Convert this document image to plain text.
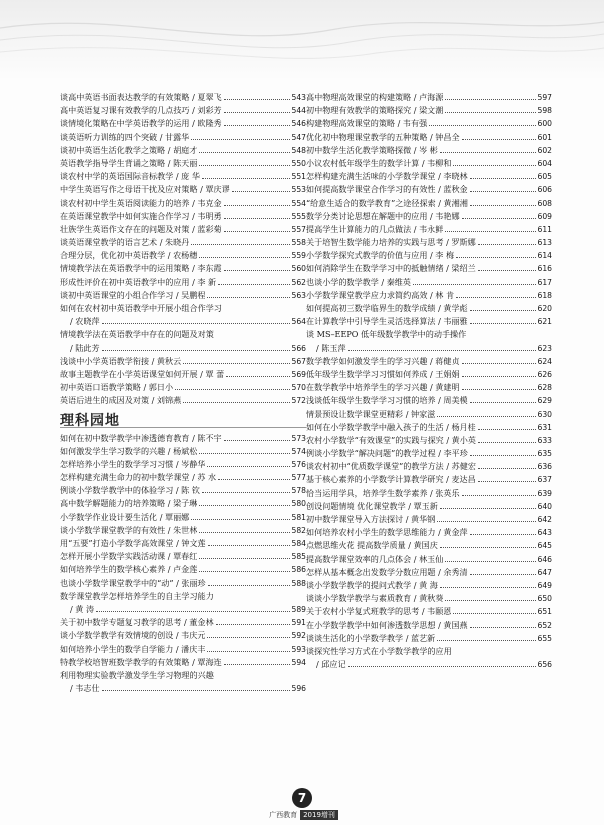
谈高中英语书面表达教学的有效策略 / 夏翠飞	543
高中英语复习课有效教学的几点技巧 / 刘彩芳	544
谈情境化策略在中学英语教学的运用 / 欧隆秀	546
谈英语听力训练的四个突破 / 甘露华	547
谈初中英语生活化教学之策略 / 胡庭才	548
英语教学指导学生背诵之策略 / 陈天丽	550
谈农村中学的英语国际音标教学 / 庞 华	551
中学生英语写作之母语干扰及应对策略 / 覃庆谬	553
谈农村初中学生英语阅读能力的培养 / 韦克金	554
在英语课堂教学中如何实施合作学习 / 韦明勇	555
壮族学生英语作文存在的问题及对策 / 蓝彩菊	557
谈英语课堂教学的语言艺术 / 朱晓丹	558
合理分层，优化初中英语教学 / 农杨穗	559
情境教学法在英语教学中的运用策略 / 李东霞	560
形成性评价在初中英语教学中的应用 / 李 新	562
谈初中英语课堂的小组合作学习 / 吴鹏程	563
如何在农村初中英语教学中开展小组合作学习
/ 农晓萍	564
情境教学法在英语教学中存在的问题及对策
/ 陆此芳	566
浅谈中小学英语教学衔接 / 黄秋云	567
故事主题教学在小学英语课堂如何开展 / 覃 蕾	569
初中英语口语教学策略 / 郭日小	570
英语后进生的成因及对策 / 刘锦燕	572
理科园地
如何在初中数学教学中渗透德育教育 / 陈不宇	573
如何激发学生学习数学的兴趣 / 杨斌松	574
怎样培养小学生的数学学习习惯 / 岑静华	576
怎样构建充满生命力的初中数学课堂 / 苏 水	577
例谈小学数学教学中的体验学习 / 陈 钦	578
高中数学解题能力的培养策略 / 梁子琳	580
小学数学作业设计要生活化 / 覃丽娜	581
谈小学数学课堂教学的有效性 / 朱世林	582
用“五要”打造小学数学高效课堂 / 钟文莲	584
怎样开展小学数学实践活动课 / 覃春红	585
如何培养学生的数学核心素养 / 卢金莲	586
也谈小学数学课堂教学中的“动” / 张丽珍	588
数学课堂教学怎样培养学生的自主学习能力
/ 黄 涛	589
关于初中数学专题复习教学的思考 / 董金林	591
谈小学数学教学有效情境的创设 / 韦庆元	592
如何培养小学生的数学自学能力 / 潘庆丰	593
特教学校培智班数学教学的有效策略 / 覃海连	594
利用物理实验教学激发学生学习物理的兴趣
/ 韦志仕	596
高中物理高效课堂的构建策略 / 卢海源	597
初中物理有效教学的策略探究 / 梁文潮	598
构建物理高效课堂的策略 / 韦有强	600
优化初中物理课堂教学的五种策略 / 钟昌全	601
初中数学生活化教学策略探微 / 岑 彬	602
小议农村低年级学生的数学计算 / 韦柳和	604
怎样构建充满生活味的小学数学课堂 / 李晓林	605
如何提高数学课堂合作学习的有效性 / 蓝秋金	606
“给意生适合的数学教育”之途径探索 / 黄湘湘	608
数学分类讨论思想在解题中的应用 / 韦艳娜	609
提高学生计算能力的几点做法 / 韦永鲜	611
关于培智生数学能力培养的实践与思考 / 罗斯娜	613
小学数学探究式教学的价值与应用 / 李 梅	614
如何消除学生在数学学习中的抵触情绪 / 梁绍兰	616
也谈小学的数学教学 / 秦维英	617
小学数学课堂教学应力求简约高效 / 林 肯	618
如何提高初三数学临界生的数学成绩 / 黄学彪	620
在计算教学中引导学生灵活选择算法 / 韦丽雅	621
谈 MS–EEPO 低年级数学教学中的动手操作
/ 陈玉萍	623
数学教学如何激发学生的学习兴趣 / 蒋健贞	624
低年级学生数学学习习惯如何养成 / 王娟娟	626
在数学教学中培养学生的学习兴趣 / 黄建明	628
浅谈低年级学生数学学习习惯的培养 / 周美模	629
情景预设让数学课堂更精彩 / 钟家滋	630
如何在小学数学教学中融入孩子的生活 / 杨月桂	631
农村小学数学“有效课堂”的实践与探究 / 黄小英	633
例谈小学数学“解决问题”的教学过程 / 李平珍	635
谈农村初中“优质数学课堂”的教学方法 / 苏健宏	636
基于核心素养的小学数学计算教学研究 / 麦达昌	637
恰当运用学具，培养学生数学素养 / 张英乐	639
创设问题情境 优化课堂教学 / 覃玉新	640
初中数学课堂导入方法探讨 / 黄华钢	642
如何培养农村小学生的数学思维能力 / 黄金萍	643
点燃思维火花 提高数学质量 / 黄国庆	645
提高数学课堂效率的几点体会 / 林玉仙	646
怎样从基本概念出发数学分数应用题 / 余秀清	647
谈小学数学教学的提问式教学 / 黄 海	649
谈谈小学数学教学与素质教育 / 黄秋葵	650
关于农村小学复式班教学的思考 / 韦颐恩	651
在小学数学教学中如何渗透数学思想 / 黄国燕	652
谈谈生活化的小学数学教学 / 蓝艺新	655
谈探究性学习方式在小学数学教学的应用
/ 邱应记	656
7
广西教育 2019增刊
